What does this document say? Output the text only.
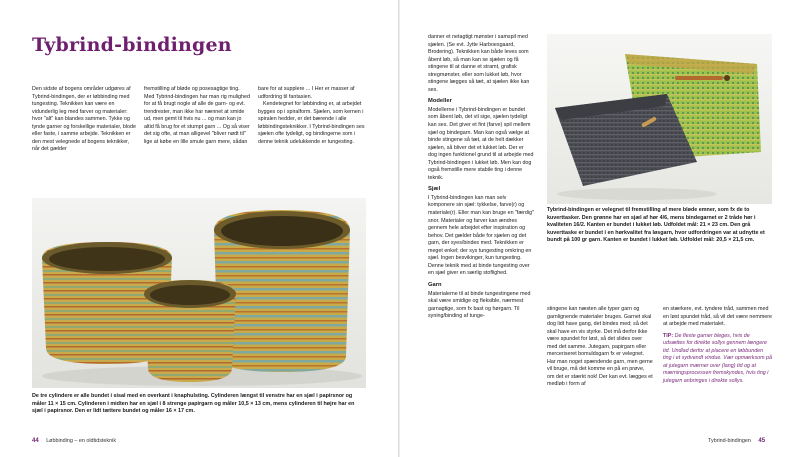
Tybrind-bindingen

Den sidste af bogens områder udgøres af Tybrind-bindingen, der er løbbinding med tungesting. Teknikken kan være en vidunderlig leg med farver og materialer: hvor "alt" kan blandes sammen. Tykke og tynde garner og forskellige materialer, blode eller faste, i samme arbejde. Teknikken er den mest velegnede af bogens teknikker, når det gælder

fremstilling af bløde og posesagtige ting. Med Tybrind-bindingen har man rig mulighed for at få brugt nogle af alle de garn- og evt. trendrester, man ikke har nænnet at smide ud, men gemt til hvis nu ... og man kan jo altid få brug for et stumpt garn ... Og så viser det sig ofte, at man alligevel "bliver nødt til" lige at købe en lille smule garn mere, sådan

bare for at supplere ... I Her er masser af udfordring til fantasien.

Kendetegnet for løbbinding er, at arbejdet bygges op i spiralform. Sjælen, som kernen i spiralen hedder, er det bærende i alle løbbindingsteknikker. I Tybrind-bindingen ses sjælen ofte tydeligt, og bindingerne som i denne teknik udelukkende er tungesting.

De tre cylindere er alle bundet i sisal med en overkant i knaphulsting. Cylinderen længst til venstre har en sjæl i papirsnor og måler 11 × 15 cm. Cylinderen i midten har en sjæl i 8 strenge papirgarn og måler 10,5 × 13 cm, mens cylinderen til højre har en sjæl i papirsnor. Den er lidt tættere bundet og måler 16 × 17 cm.
44 Løbbinding – en oldtidsteknik

danner et netagtigt mønster i samspil med sjælen. (Se evt. Jytte Harboesgaard, Brodering). Teknikken kan både leves som åbent løb, så man kan se sjælen og få stingene til at danne et stramt, grafisk stregmønster, eller som lukket løb, hvor stingene lægges så tæt, at sjælen ikke kan ses.

Modeller

Modellerne i Tybrind-bindingen er bundet som åbent løb, det vil sige, sjælen tydeligt kan ses. Det giver et fint (farve) spil mellem sjæl og bindegarn. Man kan også vælge at binde stingene så tæt, at de helt dækker sjælen, så bliver det et lukket løb. Der er dog ingen funktionel grund til at arbejde med Tybrind-bindingen i lukket løb. Men kan dog også fremstille mere stabile ting i denne teknik.

Sjæl

I Tybrind-bindingen kan man selv komponere sin sjæl: tykkelse, farve(r) og materiale(r). Eller man kan bruge en "færdig" snor. Materialer og farver kan ændres gennem hele arbejdet efter inspiration og behov. Det gælder både for sjælen og det garn, der syes/bindes med. Teknikken er meget enkel; der sys tungesting omkring en sjæl. Ingen besvikinger, kun tungesting. Denne teknik med at binde tungesting over en sjæl giver en særlig stoflighed.

Garn

Materialerne til at binde tungestingene med skal være smidige og fleksible, nærmest garnagtige, som fx bast og hørgarn. Til syning/binding af tunge-

Tybrind-bindingen er velegnet til fremstilling af mere bløde emner, som fx de to kuverttasker. Den grønne har en sjæl af hør 4/6, mens bindegarnet er 2 tråde hør i kvaliteten 16/2. Kanten er bundet i lukket løb. Udfoldet mål: 21 × 23 cm. Den grå kuverttaske er bundet i en hørkvalitet fra løsgarn, hvor udfordringen var at udnytte et bundt på 100 gr garn. Kanten er bundet i lukket løb. Udfoldet mål: 20,5 × 21,5 cm.

stingene kan næsten alle typer garn og garnlignende materialer bruges. Garnet skal dog lidt have gang, det bindes med; så det skal have en vis styrke. Det må derfor ikke være spundet for løst, så det slides over med det samme. Jutegarn, papirgarn eller merceriseret bomuldsgarn fx er velegnet. Har man noget spændende garn, men gerne vil bruge, må det komme en på en prøve, om det er stærkt nok! Der kan evt. lægges et medløb i form af

en stærkere, evt. tyndere tråd, sammen med en løst spundet tråd, så vil det være nemmere at arbejde med materialet.

TIP: De fleste garner bleges, hvis de udsættes for direkte sollys gennem længere tid. Undlad derfor at placere en løbbunden ting i et sydvendt vindue. Vær opmærksom på at jutegarn mærner over (lang) tid og at mærningsprocessen fremskyndes, hvis ting i jutegarn anbringes i direkte sollys.

Tybrind-bindingen 45
